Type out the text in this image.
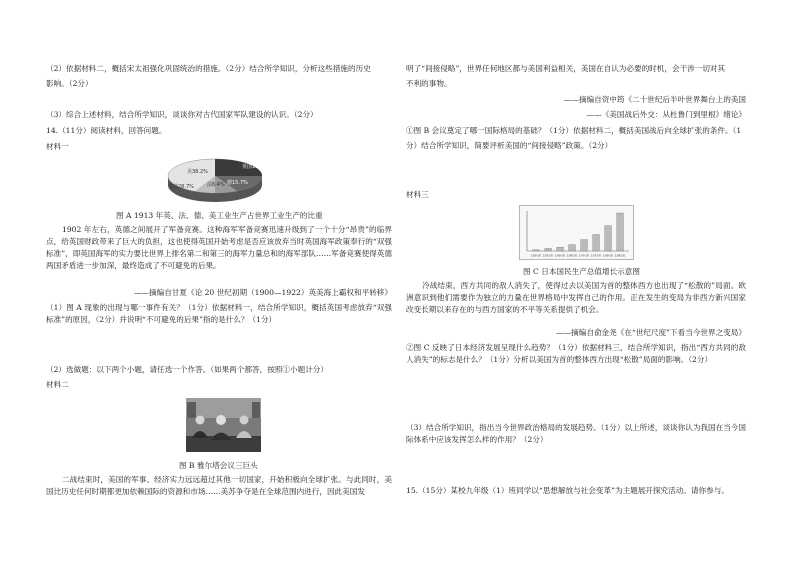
（2）依据材料二，概括宋太祖强化巩固统治的措施。（2分）结合所学知识，分析这些措施的历史
影响。（2分）
（3）综合上述材料，结合所学知识，谈谈你对古代国家军队建设的认识。（2分）
14.（11分）阅读材料，回答问题。
材料一
英国11.0%
美38.2%
德15.7%
法6.4%
其他28.7%
图 A 1913 年英、法、德、美工业生产占世界工业生产的比重
1902 年左右，英德之间展开了军备竞赛。这种海军军备竞赛迅速升级到了一个十分“昂贵”的临界点，给英国财政带来了巨大的负担，这也使得英国开始考虑是否应该放弃当时英国海军政策奉行的“双强标准”，即英国海军的实力要比世界上排名第二和第三的海军力量总和的海军部队……军备竞赛使得英德两国矛盾进一步加深，最终造成了不可避免的后果。
——摘编自甘夏《论 20 世纪初期（1900—1922）英美海上霸权和平转移》
（1）图 A 现象的出现与哪一事件有关？（1分）依据材料一，结合所学知识，概括英国考虑放弃“双强标准”的原因，（2分）并说明“不可避免的后果”指的是什么？（1分）
（2）选做题：以下两个小题，请任选一个作答。（如果两个都答，按照①小题计分）
材料二
图 B 雅尔塔会议三巨头
二战结束时，美国的军事、经济实力远远超过其他一切国家，开始积极向全球扩张。与此同时，美国比历史任何时期都更加依赖国际的资源和市场……美苏争夺是在全球范围内进行，因此美国发
明了“间接侵略”，世界任何地区都与美国利益相关，美国在自认为必要的时机，会干涉一切对其
不利的事物。
——摘编自资中筠《二十世纪后半叶世界舞台上的美国
——《美国战后外交：从杜鲁门到里根》绪论》
①图 B 会议奠定了哪一国际格局的基础？（1分）依据材料二，概括美国战后向全球扩张的条件。（1
分）结合所学知识，简要评析美国的“间接侵略”政策。（2分）
材料三
1950年 1955年 1960年 1965年 1970年 1975年 1980年 1985年
图 C 日本国民生产总值增长示意图
冷战结束，西方共同的敌人消失了，使得过去以美国为首的整体西方也出现了“松散的”局面。欧洲意识到他们需要作为独立的力量在世界格局中发挥自己的作用。正在发生的变局为非西方新兴国家改变长期以来存在的与西方国家的不平等关系提供了机会。
——摘编自俞金尧《在“世纪尺度”下看当今世界之变局》
②图 C 反映了日本经济发展呈现什么趋势？（1分）依据材料三，结合所学知识，指出“西方共同的敌人消失”的标志是什么？（1分）分析以美国为首的整体西方出现“松散”局面的影响。（2分）
（3）结合所学知识，指出当今世界政治格局的发展趋势。（1分）以上所述，谈谈你认为我国在当今国际体系中应该发挥怎么样的作用？（2分）
15.（15分）某校九年级（1）班同学以“思想解放与社会变革”为主题展开探究活动。请你参与。
